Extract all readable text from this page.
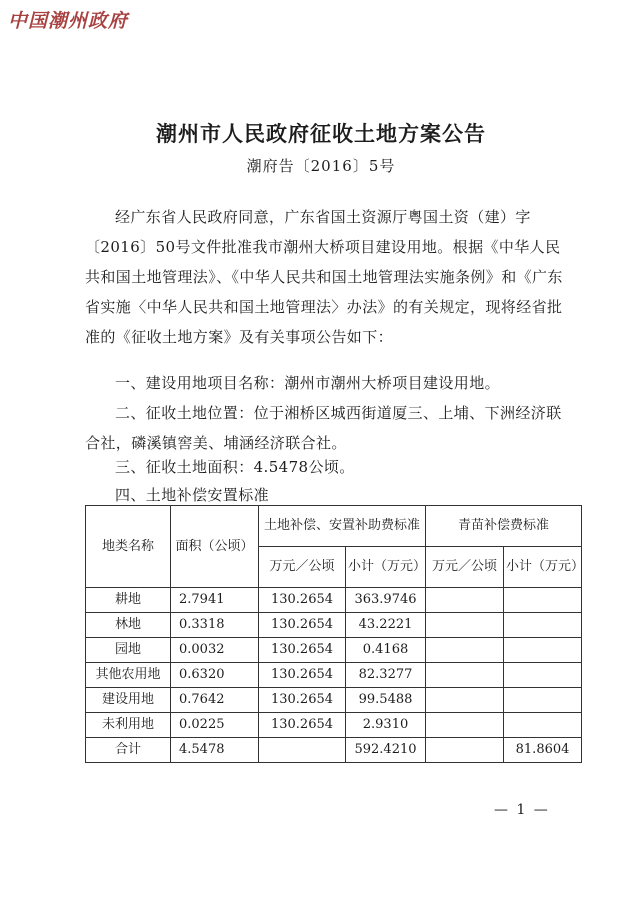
中国潮州政府
潮州市人民政府征收土地方案公告
潮府告〔2016〕5号
经广东省人民政府同意，广东省国土资源厅粤国土资（建）字〔2016〕50号文件批准我市潮州大桥项目建设用地。根据《中华人民共和国土地管理法》、《中华人民共和国土地管理法实施条例》和《广东省实施〈中华人民共和国土地管理法〉办法》的有关规定，现将经省批准的《征收土地方案》及有关事项公告如下：
一、建设用地项目名称：潮州市潮州大桥项目建设用地。
二、征收土地位置：位于湘桥区城西街道厦三、上埔、下洲经济联合社，磷溪镇窖美、埔涵经济联合社。
三、征收土地面积：4.5478公顷。
四、土地补偿安置标准
地类名称	面积（公顷）	土地补偿、安置补助费标准		青苗补偿费标准	
		万元／公顷	小计（万元）	万元／公顷	小计（万元）
耕地	2.7941	130.2654	363.9746		
林地	0.3318	130.2654	43.2221		
园地	0.0032	130.2654	0.4168		
其他农用地	0.6320	130.2654	82.3277		
建设用地	0.7642	130.2654	99.5488		
未利用地	0.0225	130.2654	2.9310		
合计	4.5478		592.4210		81.8604
— 1 —
